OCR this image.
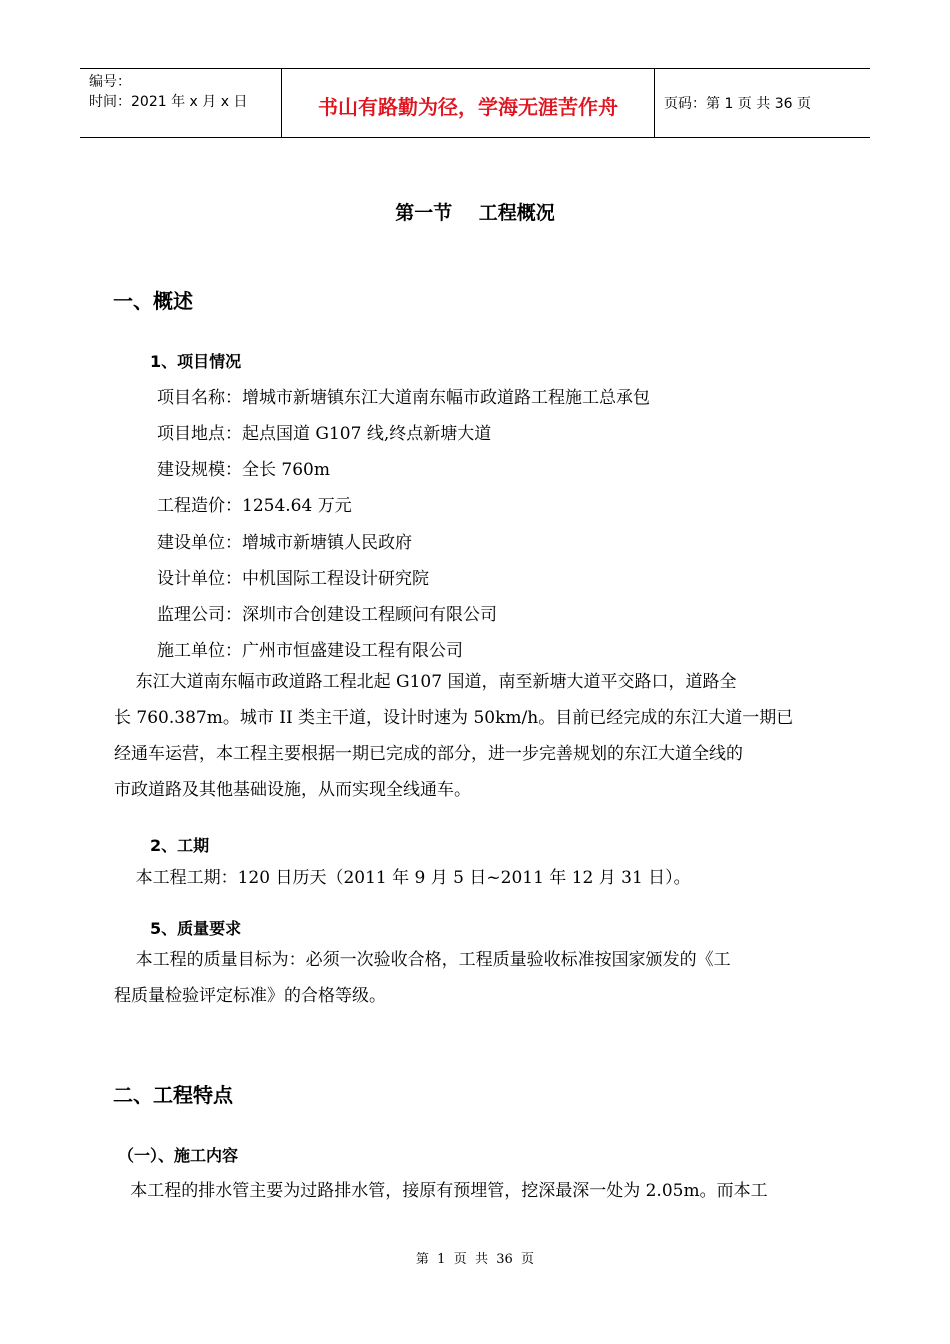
编号：
时间：2021 年 x 月 x 日	书山有路勤为径，学海无涯苦作舟	页码：第 1 页 共 36 页
第一节    工程概况
一、概述
1、项目情况
项目名称：增城市新塘镇东江大道南东幅市政道路工程施工总承包
项目地点：起点国道 G107 线,终点新塘大道
建设规模：全长 760m
工程造价：1254.64 万元
建设单位：增城市新塘镇人民政府
设计单位：中机国际工程设计研究院
监理公司：深圳市合创建设工程顾问有限公司
施工单位：广州市恒盛建设工程有限公司
东江大道南东幅市政道路工程北起 G107 国道，南至新塘大道平交路口，道路全
长 760.387m。城市 II 类主干道，设计时速为 50km/h。目前已经完成的东江大道一期已
经通车运营，本工程主要根据一期已完成的部分，进一步完善规划的东江大道全线的
市政道路及其他基础设施，从而实现全线通车。
2、工期
本工程工期：120 日历天（2011 年 9 月 5 日~2011 年 12 月 31 日）。
5、质量要求
本工程的质量目标为：必须一次验收合格，工程质量验收标准按国家颁发的《工
程质量检验评定标准》的合格等级。
二、工程特点
（一）、施工内容
本工程的排水管主要为过路排水管，接原有预埋管，挖深最深一处为 2.05m。而本工
第  1  页  共  36  页
